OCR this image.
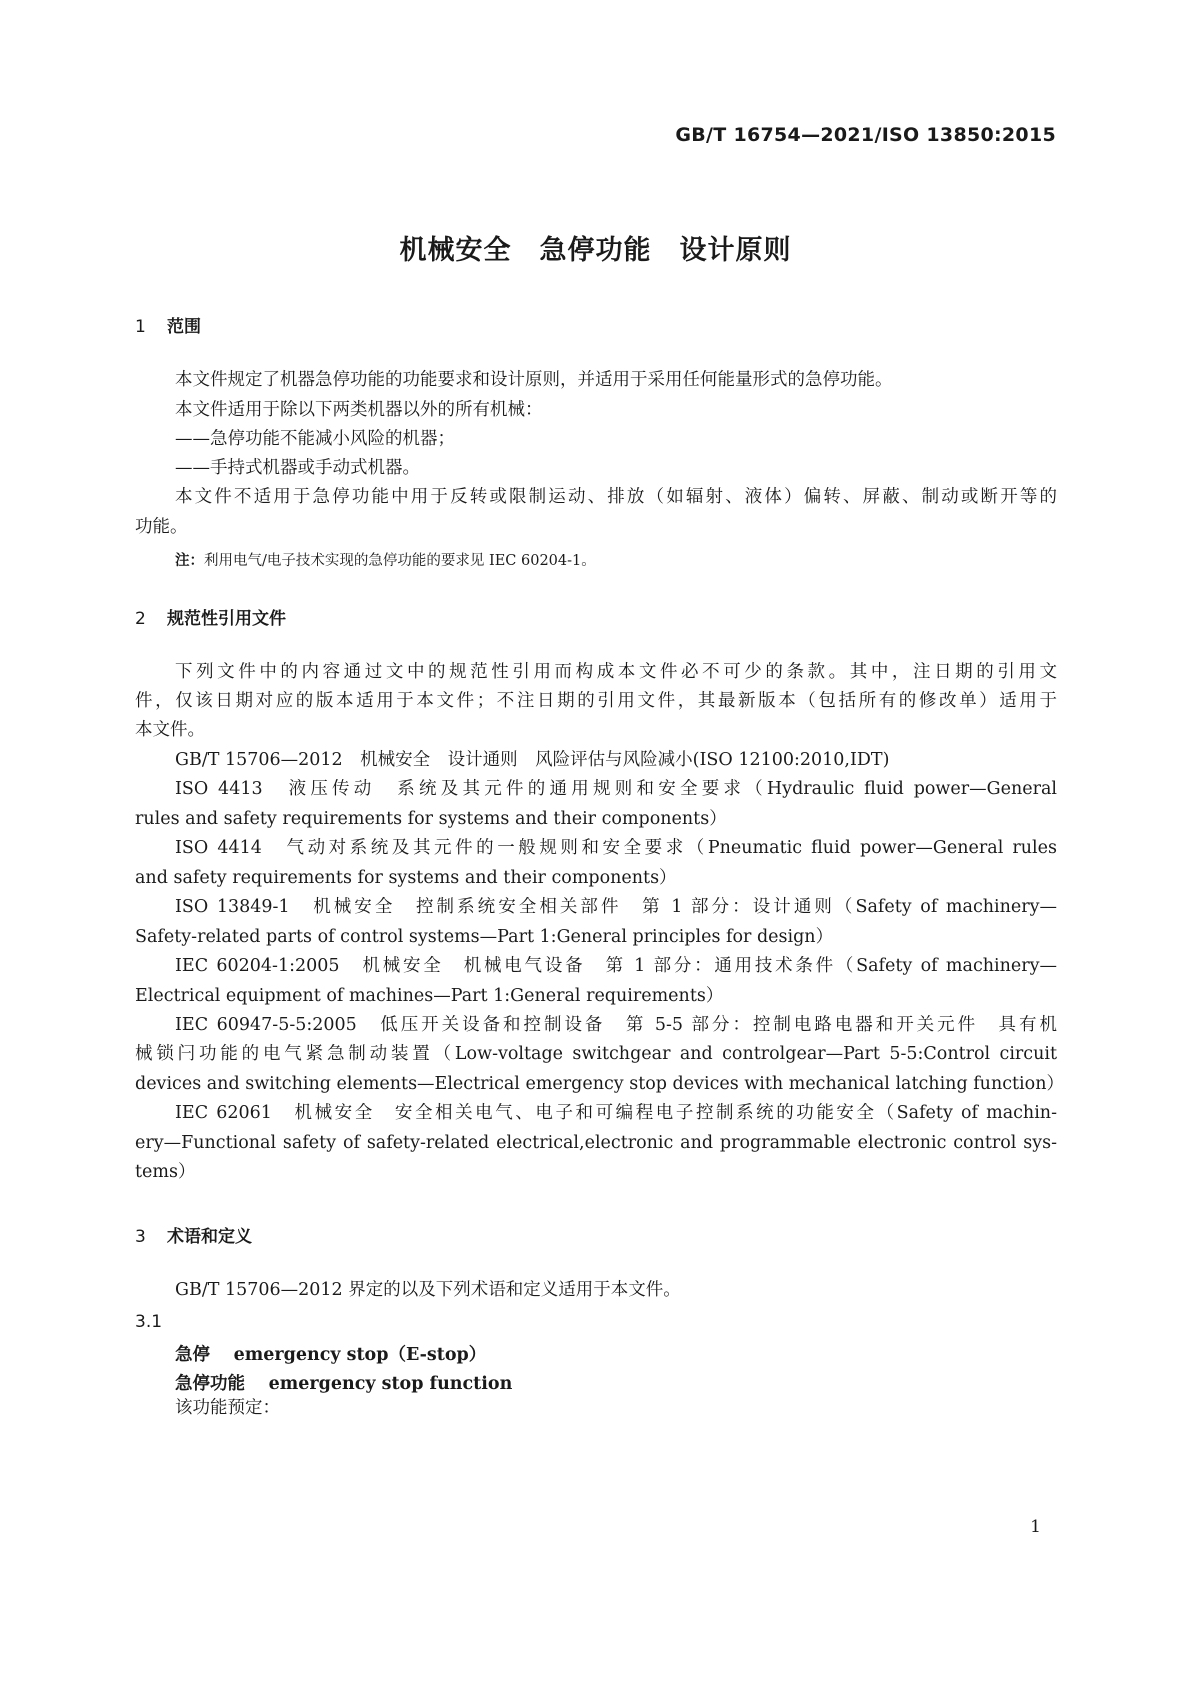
GB/T 16754—2021/ISO 13850:2015
机械安全　急停功能　设计原则
1 范围
本文件规定了机器急停功能的功能要求和设计原则，并适用于采用任何能量形式的急停功能。
本文件适用于除以下两类机器以外的所有机械：
——急停功能不能减小风险的机器；
——手持式机器或手动式机器。
本文件不适用于急停功能中用于反转或限制运动、排放（如辐射、液体）偏转、屏蔽、制动或断开等的
功能。
注：利用电气/电子技术实现的急停功能的要求见 IEC 60204-1。
2 规范性引用文件
下列文件中的内容通过文中的规范性引用而构成本文件必不可少的条款。其中，注日期的引用文
件，仅该日期对应的版本适用于本文件；不注日期的引用文件，其最新版本（包括所有的修改单）适用于
本文件。
GB/T 15706—2012　机械安全　设计通则　风险评估与风险减小(ISO 12100:2010,IDT)
ISO 4413　液压传动　系统及其元件的通用规则和安全要求（Hydraulic fluid power—General
rules and safety requirements for systems and their components）
ISO 4414　气动对系统及其元件的一般规则和安全要求（Pneumatic fluid power—General rules
and safety requirements for systems and their components）
ISO 13849-1　机械安全　控制系统安全相关部件　第 1 部分：设计通则（Safety of machinery—
Safety-related parts of control systems—Part 1:General principles for design）
IEC 60204-1:2005　机械安全　机械电气设备　第 1 部分：通用技术条件（Safety of machinery—
Electrical equipment of machines—Part 1:General requirements）
IEC 60947-5-5:2005　低压开关设备和控制设备　第 5-5 部分：控制电路电器和开关元件　具有机
械锁闩功能的电气紧急制动装置（Low-voltage switchgear and controlgear—Part 5-5:Control circuit
devices and switching elements—Electrical emergency stop devices with mechanical latching function）
IEC 62061　机械安全　安全相关电气、电子和可编程电子控制系统的功能安全（Safety of machin-
ery—Functional safety of safety-related electrical,electronic and programmable electronic control sys-
tems）
3 术语和定义
GB/T 15706—2012 界定的以及下列术语和定义适用于本文件。
3.1
急停　 emergency stop（E-stop）
急停功能　 emergency stop function
该功能预定：
1
